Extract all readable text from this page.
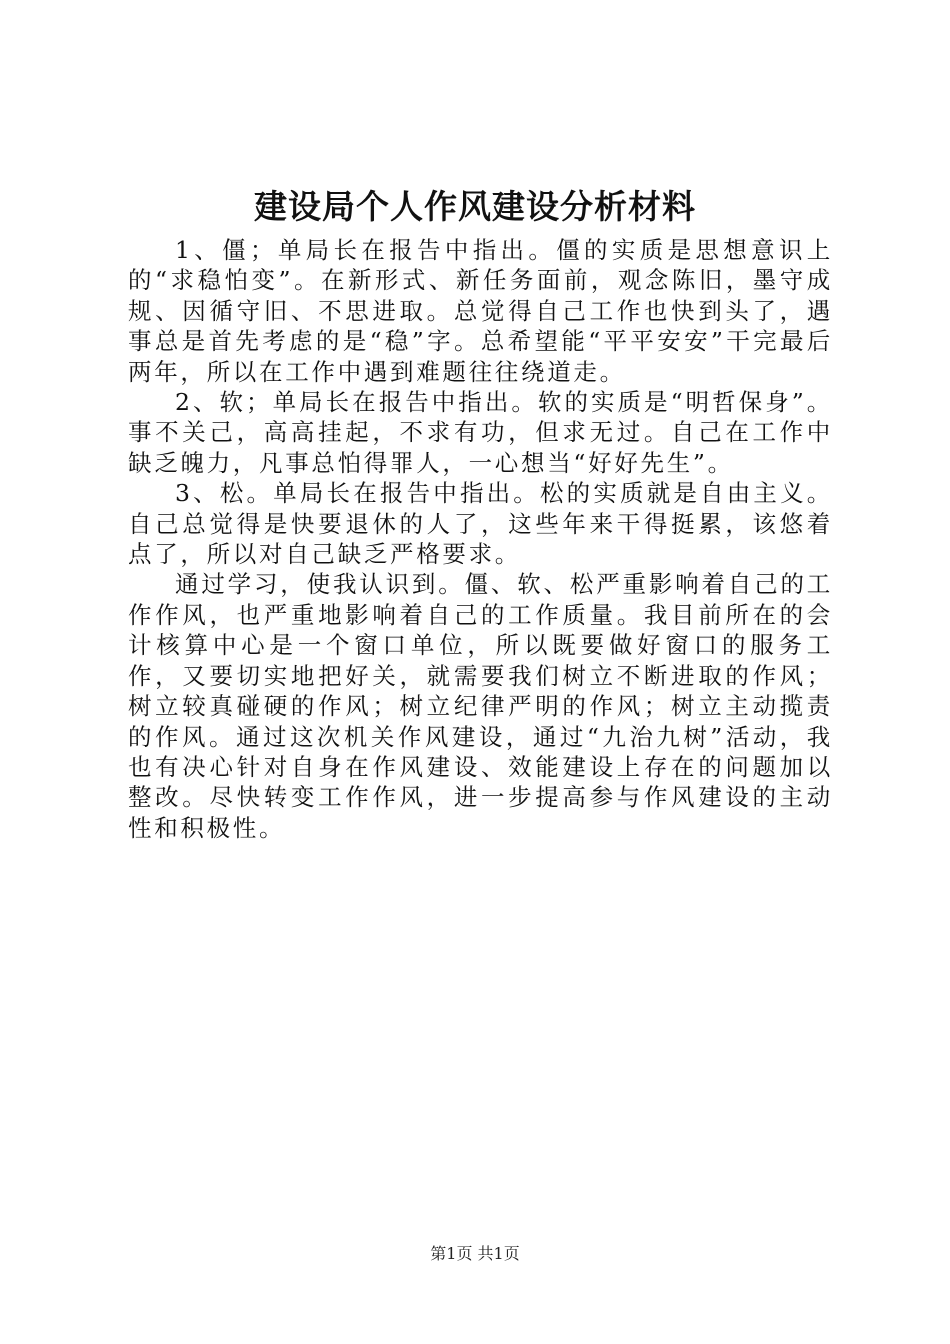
建设局个人作风建设分析材料

1、僵；单局长在报告中指出。僵的实质是思想意识上的“求稳怕变”。在新形式、新任务面前，观念陈旧，墨守成规、因循守旧、不思进取。总觉得自己工作也快到头了，遇事总是首先考虑的是“稳”字。总希望能“平平安安”干完最后两年，所以在工作中遇到难题往往绕道走。

2、软；单局长在报告中指出。软的实质是“明哲保身”。事不关己，高高挂起，不求有功，但求无过。自己在工作中缺乏魄力，凡事总怕得罪人，一心想当“好好先生”。

3、松。单局长在报告中指出。松的实质就是自由主义。自己总觉得是快要退休的人了，这些年来干得挺累，该悠着点了，所以对自己缺乏严格要求。

通过学习，使我认识到。僵、软、松严重影响着自己的工作作风，也严重地影响着自己的工作质量。我目前所在的会计核算中心是一个窗口单位，所以既要做好窗口的服务工作，又要切实地把好关，就需要我们树立不断进取的作风；树立较真碰硬的作风；树立纪律严明的作风；树立主动揽责的作风。通过这次机关作风建设，通过“九治九树”活动，我也有决心针对自身在作风建设、效能建设上存在的问题加以整改。尽快转变工作作风，进一步提高参与作风建设的主动性和积极性。

第1页 共1页
